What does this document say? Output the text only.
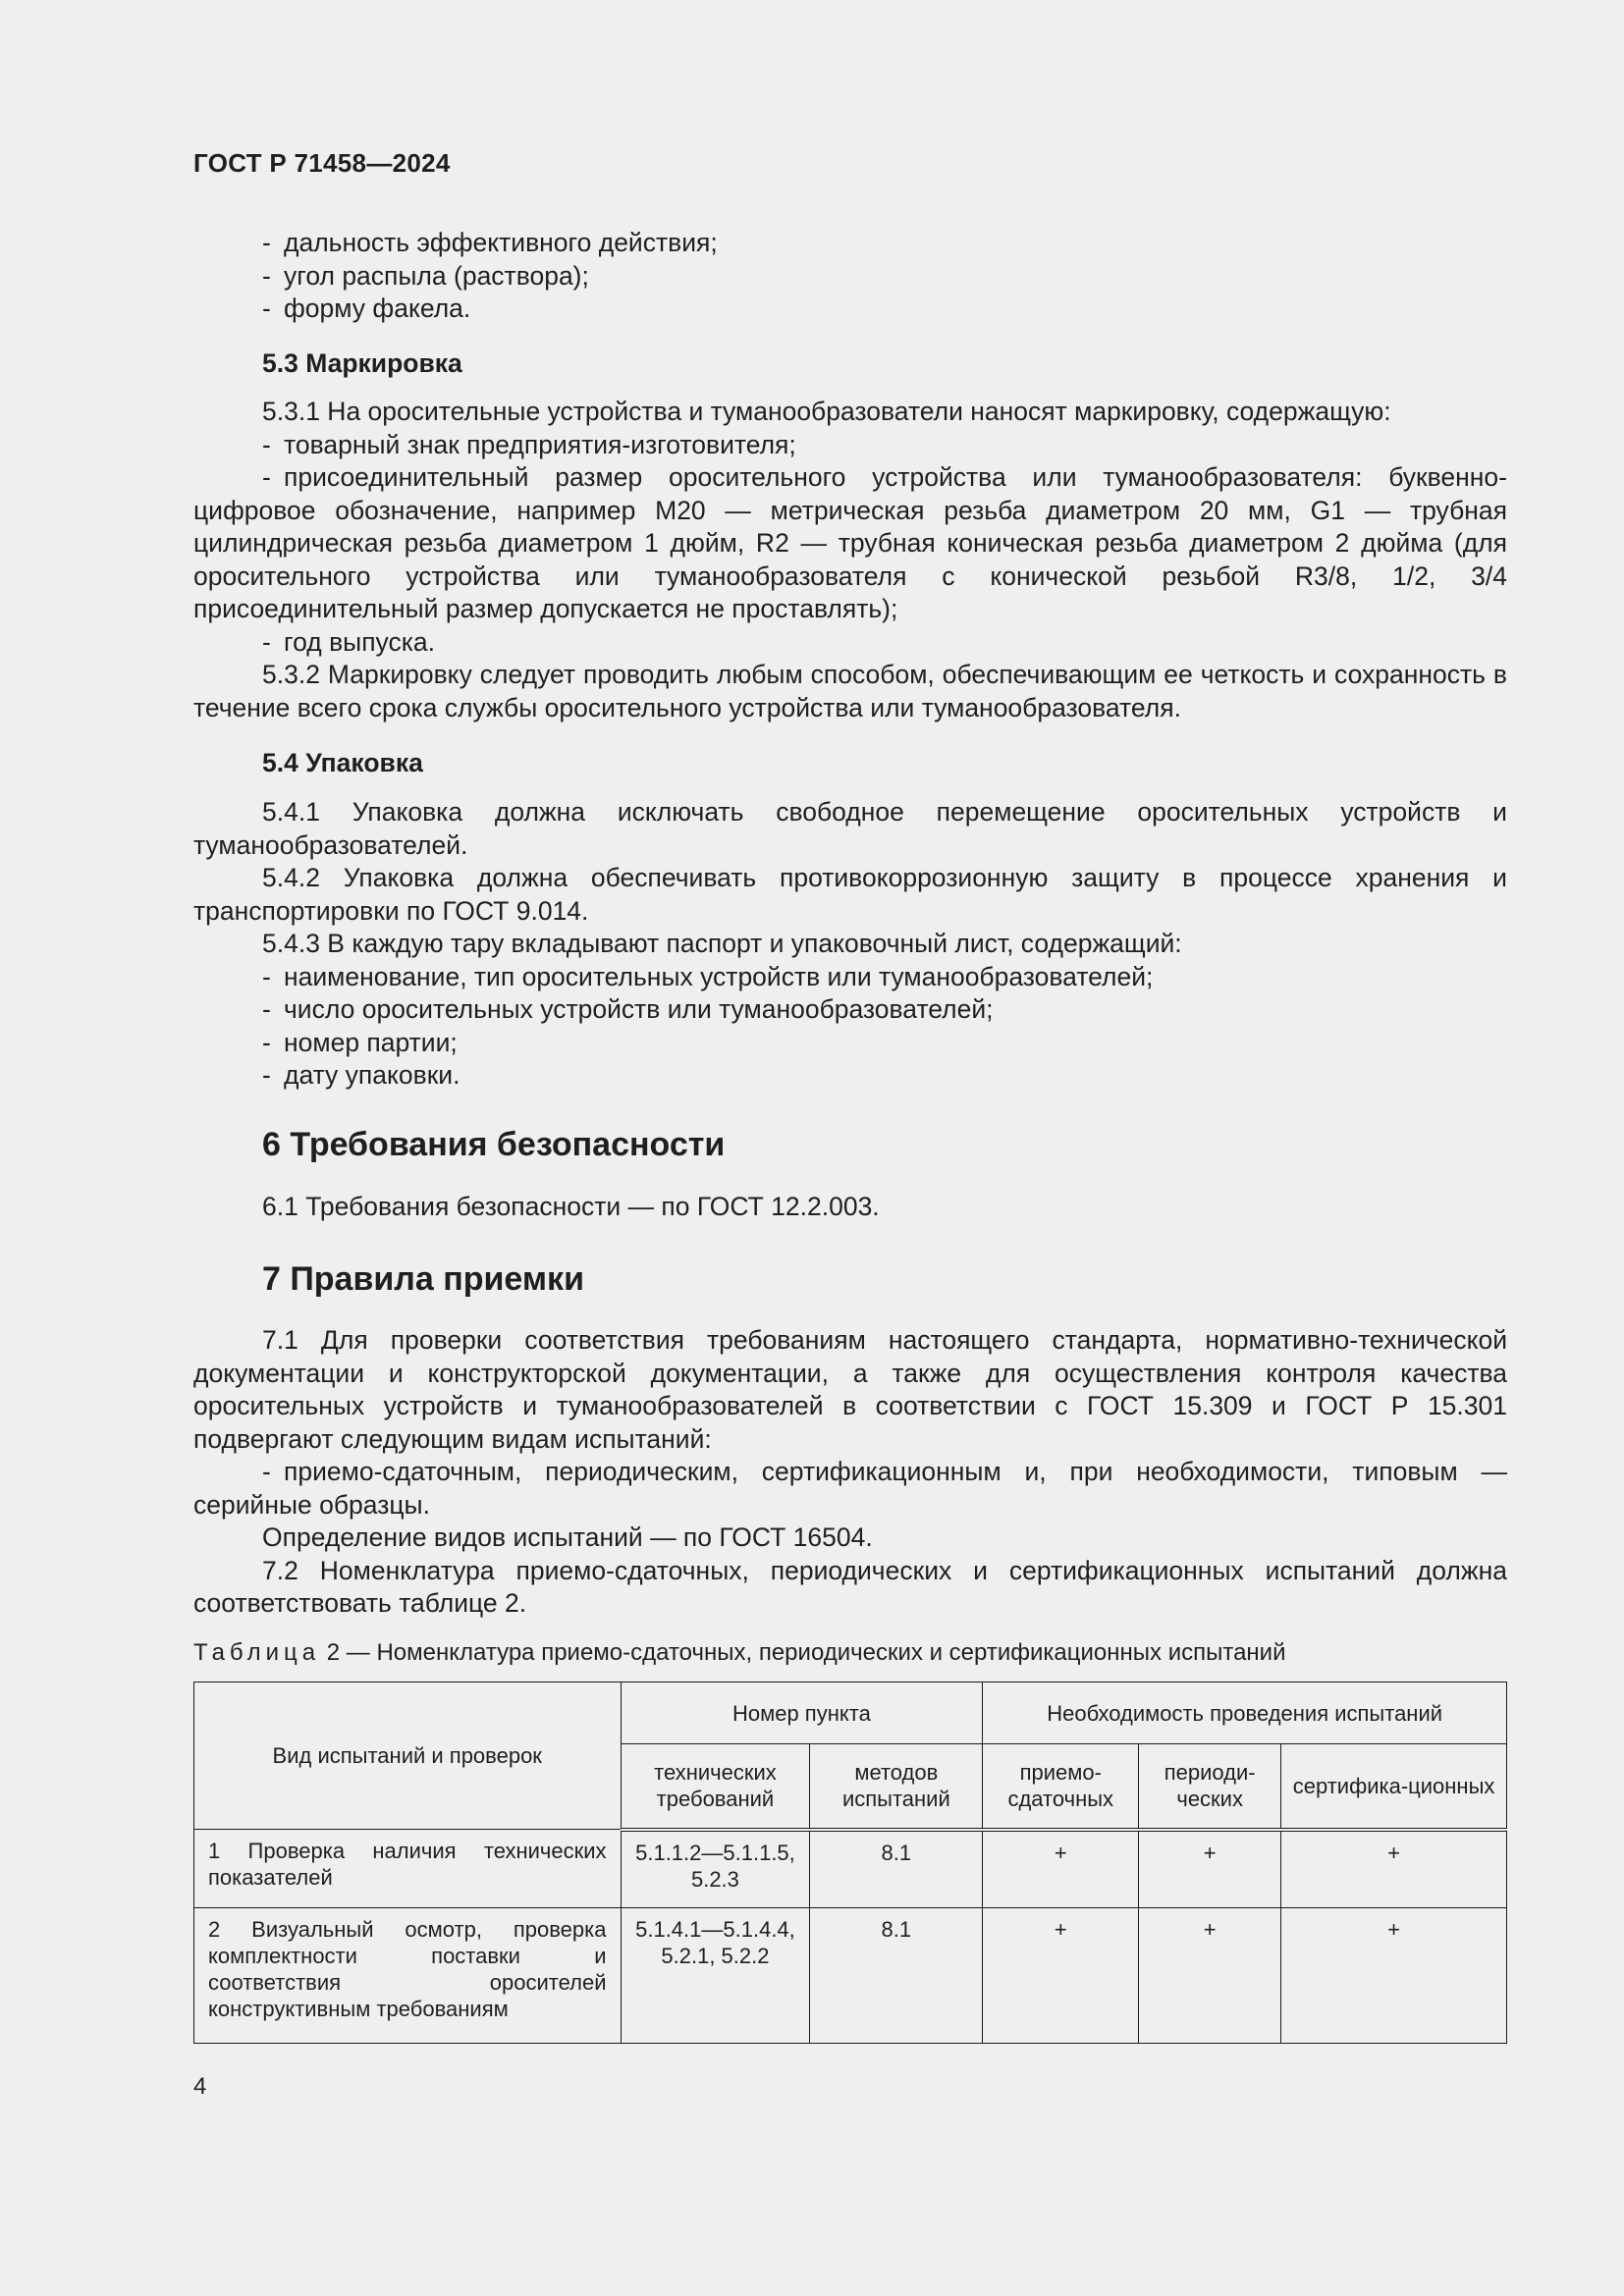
ГОСТ Р 71458—2024

- дальность эффективного действия;

- угол распыла (раствора);

- форму факела.

5.3 Маркировка

5.3.1 На оросительные устройства и туманообразователи наносят маркировку, содержащую:

- товарный знак предприятия-изготовителя;

- присоединительный размер оросительного устройства или туманообразователя: буквенно-цифровое обозначение, например М20 — метрическая резьба диаметром 20 мм, G1 — трубная цилиндрическая резьба диаметром 1 дюйм, R2 — трубная коническая резьба диаметром 2 дюйма (для оросительного устройства или туманообразователя с конической резьбой R3/8, 1/2, 3/4 присоединительный размер допускается не проставлять);

- год выпуска.

5.3.2 Маркировку следует проводить любым способом, обеспечивающим ее четкость и сохранность в течение всего срока службы оросительного устройства или туманообразователя.

5.4 Упаковка

5.4.1 Упаковка должна исключать свободное перемещение оросительных устройств и туманообразователей.

5.4.2 Упаковка должна обеспечивать противокоррозионную защиту в процессе хранения и транспортировки по ГОСТ 9.014.

5.4.3 В каждую тару вкладывают паспорт и упаковочный лист, содержащий:

- наименование, тип оросительных устройств или туманообразователей;

- число оросительных устройств или туманообразователей;

- номер партии;

- дату упаковки.

6 Требования безопасности

6.1 Требования безопасности — по ГОСТ 12.2.003.

7 Правила приемки

7.1 Для проверки соответствия требованиям настоящего стандарта, нормативно-технической документации и конструкторской документации, а также для осуществления контроля качества оросительных устройств и туманообразователей в соответствии с ГОСТ 15.309 и ГОСТ Р 15.301 подвергают следующим видам испытаний:

- приемо-сдаточным, периодическим, сертификационным и, при необходимости, типовым — серийные образцы.

Определение видов испытаний — по ГОСТ 16504.

7.2 Номенклатура приемо-сдаточных, периодических и сертификационных испытаний должна соответствовать таблице 2.

Таблица 2 — Номенклатура приемо-сдаточных, периодических и сертификационных испытаний
Вид испытаний и проверок	Номер пункта		Необходимость проведения испытаний		
	технических требований	методов испытаний	приемо-сдаточных	периоди-ческих	сертифика-ционных
1 Проверка наличия технических показателей	5.1.1.2—5.1.1.5, 5.2.3	8.1	+	+	+
2 Визуальный осмотр, проверка комплектности поставки и соответствия оросителей конструктивным требованиям	5.1.4.1—5.1.4.4, 5.2.1, 5.2.2	8.1	+	+	+
4
